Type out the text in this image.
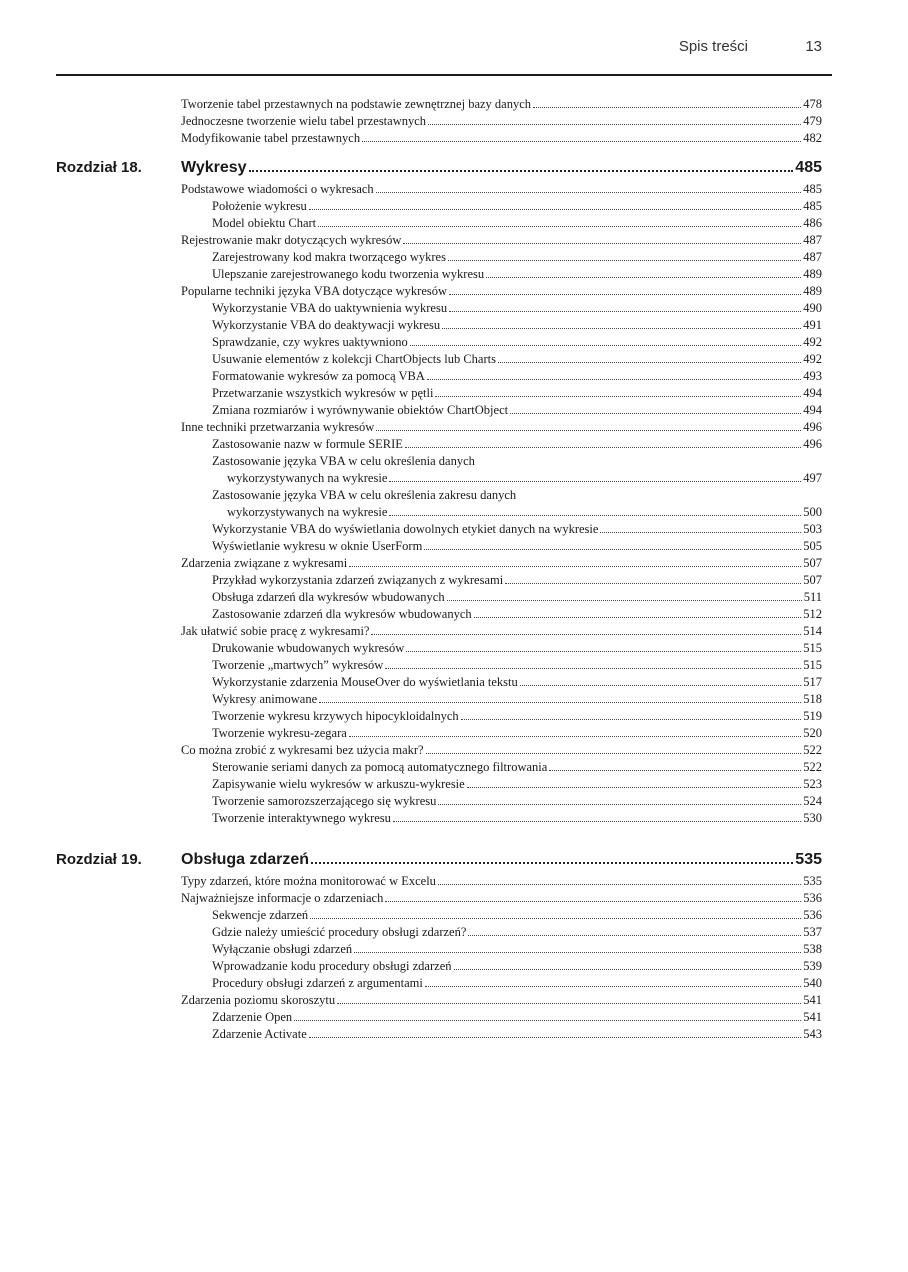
Spis treści	13
Tworzenie tabel przestawnych na podstawie zewnętrznej bazy danych	478
Jednoczesne tworzenie wielu tabel przestawnych	479
Modyfikowanie tabel przestawnych	482
Rozdział 18. Wykresy	485
Podstawowe wiadomości o wykresach	485
Położenie wykresu	485
Model obiektu Chart	486
Rejestrowanie makr dotyczących wykresów	487
Zarejestrowany kod makra tworzącego wykres	487
Ulepszanie zarejestrowanego kodu tworzenia wykresu	489
Popularne techniki języka VBA dotyczące wykresów	489
Wykorzystanie VBA do uaktywnienia wykresu	490
Wykorzystanie VBA do deaktywacji wykresu	491
Sprawdzanie, czy wykres uaktywniono	492
Usuwanie elementów z kolekcji ChartObjects lub Charts	492
Formatowanie wykresów za pomocą VBA	493
Przetwarzanie wszystkich wykresów w pętli	494
Zmiana rozmiarów i wyrównywanie obiektów ChartObject	494
Inne techniki przetwarzania wykresów	496
Zastosowanie nazw w formule SERIE	496
Zastosowanie języka VBA w celu określenia danych
wykorzystywanych na wykresie	497
Zastosowanie języka VBA w celu określenia zakresu danych
wykorzystywanych na wykresie	500
Wykorzystanie VBA do wyświetlania dowolnych etykiet danych na wykresie	503
Wyświetlanie wykresu w oknie UserForm	505
Zdarzenia związane z wykresami	507
Przykład wykorzystania zdarzeń związanych z wykresami	507
Obsługa zdarzeń dla wykresów wbudowanych	511
Zastosowanie zdarzeń dla wykresów wbudowanych	512
Jak ułatwić sobie pracę z wykresami?	514
Drukowanie wbudowanych wykresów	515
Tworzenie „martwych” wykresów	515
Wykorzystanie zdarzenia MouseOver do wyświetlania tekstu	517
Wykresy animowane	518
Tworzenie wykresu krzywych hipocykloidalnych	519
Tworzenie wykresu-zegara	520
Co można zrobić z wykresami bez użycia makr?	522
Sterowanie seriami danych za pomocą automatycznego filtrowania	522
Zapisywanie wielu wykresów w arkuszu-wykresie	523
Tworzenie samorozszerzającego się wykresu	524
Tworzenie interaktywnego wykresu	530
Rozdział 19. Obsługa zdarzeń	535
Typy zdarzeń, które można monitorować w Excelu	535
Najważniejsze informacje o zdarzeniach	536
Sekwencje zdarzeń	536
Gdzie należy umieścić procedury obsługi zdarzeń?	537
Wyłączanie obsługi zdarzeń	538
Wprowadzanie kodu procedury obsługi zdarzeń	539
Procedury obsługi zdarzeń z argumentami	540
Zdarzenia poziomu skoroszytu	541
Zdarzenie Open	541
Zdarzenie Activate	543
